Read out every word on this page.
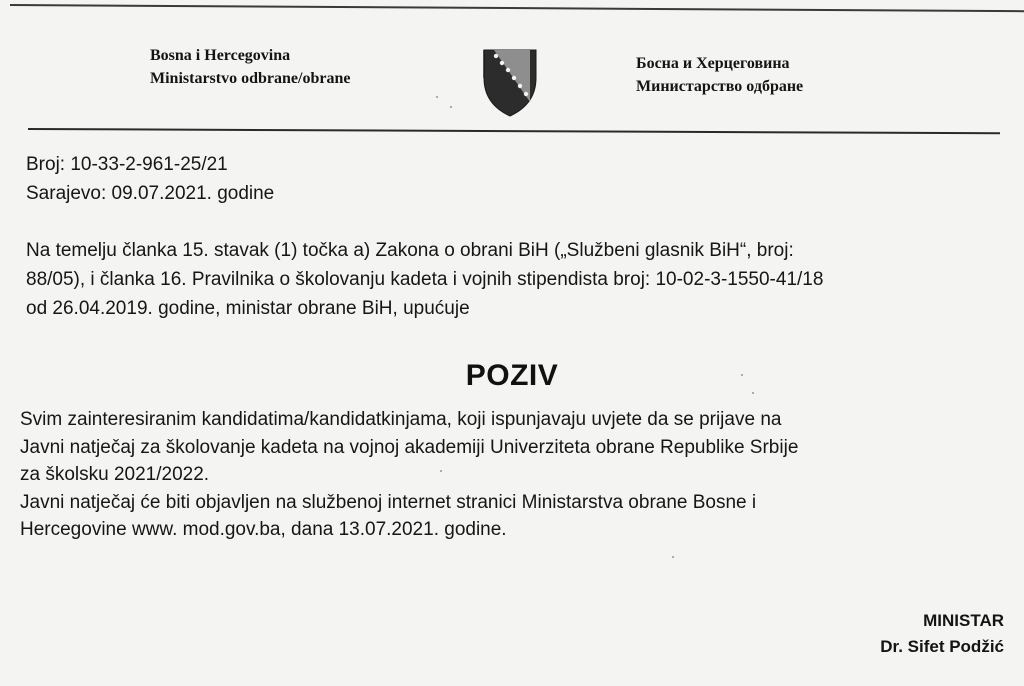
Bosna i Hercegovina
Ministarstvo odbrane/obrane
Босна и Херцеговина
Министарство одбране
Broj: 10-33-2-961-25/21
Sarajevo: 09.07.2021. godine
Na temelju članka 15. stavak (1) točka a) Zakona o obrani BiH („Službeni glasnik BiH“, broj:
88/05), i članka 16. Pravilnika o školovanju kadeta i vojnih stipendista broj: 10-02-3-1550-41/18
od 26.04.2019. godine, ministar obrane BiH, upućuje
POZIV
Svim zainteresiranim kandidatima/kandidatkinjama, koji ispunjavaju uvjete da se prijave na
Javni natječaj za školovanje kadeta na vojnoj akademiji Univerziteta obrane Republike Srbije
za školsku 2021/2022.
Javni natječaj će biti objavljen na službenoj internet stranici Ministarstva obrane Bosne i
Hercegovine www. mod.gov.ba, dana 13.07.2021. godine.
MINISTAR
Dr. Sifet Podžić
